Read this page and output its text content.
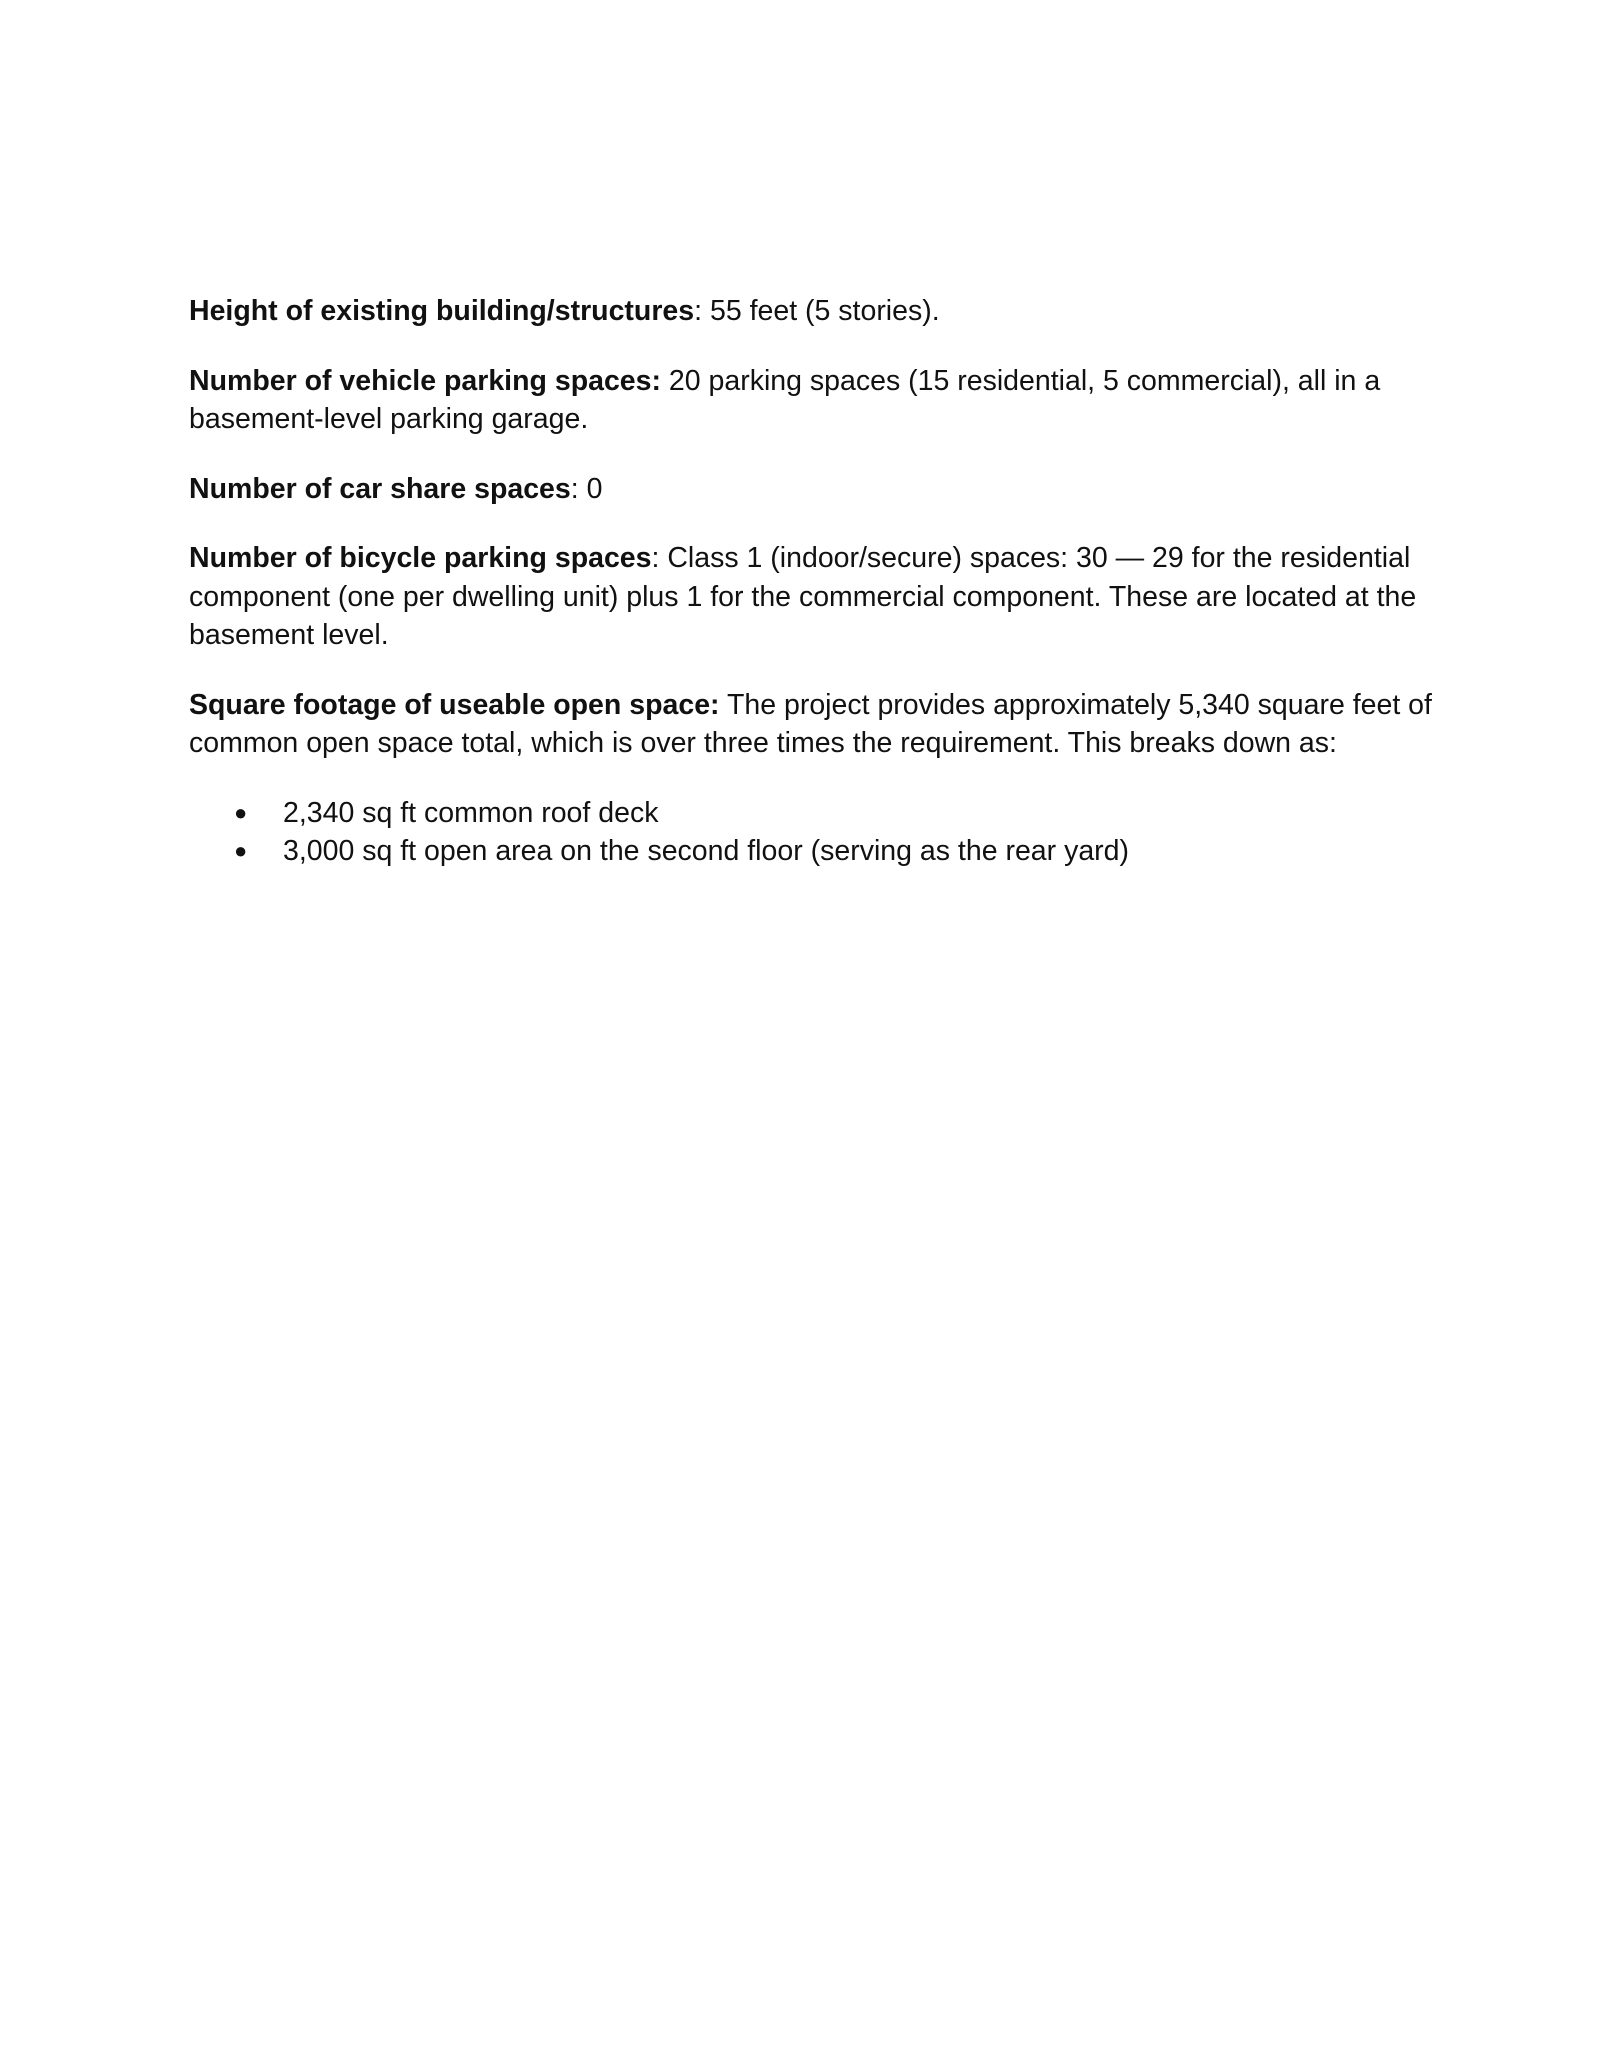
Height of existing building/structures: 55 feet (5 stories).

Number of vehicle parking spaces: 20 parking spaces (15 residential, 5 commercial), all in a basement-level parking garage.

Number of car share spaces: 0

Number of bicycle parking spaces: Class 1 (indoor/secure) spaces: 30 — 29 for the residential component (one per dwelling unit) plus 1 for the commercial component. These are located at the basement level.

Square footage of useable open space: The project provides approximately 5,340 square feet of common open space total, which is over three times the requirement. This breaks down as:

● 2,340 sq ft common roof deck
● 3,000 sq ft open area on the second floor (serving as the rear yard)
